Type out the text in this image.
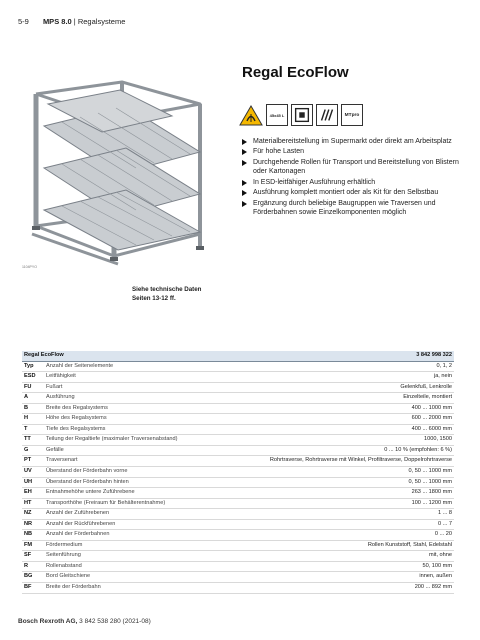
5-9 MPS 8.0 | Regalsysteme
1104PYO
Siehe technische Daten
Seiten 13-12 ff.
Regal EcoFlow
45x45 L	MTpro
Materialbereitstellung im Supermarkt oder direkt am Arbeitsplatz
Für hohe Lasten
Durchgehende Rollen für Transport und Bereitstellung von Blistern oder Kartonagen
In ESD-leitfähiger Ausführung erhältlich
Ausführung komplett montiert oder als Kit für den Selbstbau
Ergänzung durch beliebige Baugruppen wie Traversen und Förderbahnen sowie Einzelkomponenten möglich
Regal EcoFlow		3 842 998 322
Typ	Anzahl der Seitenelemente	0, 1, 2
ESD	Leitfähigkeit	ja, nein
FU	Fußart	Gelenkfuß, Lenkrolle
A	Ausführung	Einzelteile, montiert
B	Breite des Regalsystems	400 ... 1000 mm
H	Höhe des Regalsystems	600 ... 2000 mm
T	Tiefe des Regalsystems	400 ... 6000 mm
TT	Teilung der Regaltiefe (maximaler Traversenabstand)	1000, 1500
G	Gefälle	0 ... 10 % (empfohlen: 6 %)
PT	Traversenart	Rohrtraverse, Rohrtraverse mit Winkel, Profiltraverse, Doppelrohrtraverse
UV	Überstand der Förderbahn vorne	0, 50 ... 1000 mm
UH	Überstand der Förderbahn hinten	0, 50 ... 1000 mm
EH	Entnahmehöhe untere Zuführebene	263 ... 1800 mm
HT	Transporthöhe (Freiraum für Behälterentnahme)	100 ... 1200 mm
NZ	Anzahl der Zuführebenen	1 ... 8
NR	Anzahl der Rückführebenen	0 ... 7
NB	Anzahl der Förderbahnen	0 ... 20
FM	Fördermedium	Rollen Kunststoff, Stahl, Edelstahl
SF	Seitenführung	mit, ohne
R	Rollenabstand	50, 100 mm
BG	Bord Gleitschiene	innen, außen
BF	Breite der Förderbahn	200 ... 892 mm
Bosch Rexroth AG, 3 842 538 280 (2021-08)
